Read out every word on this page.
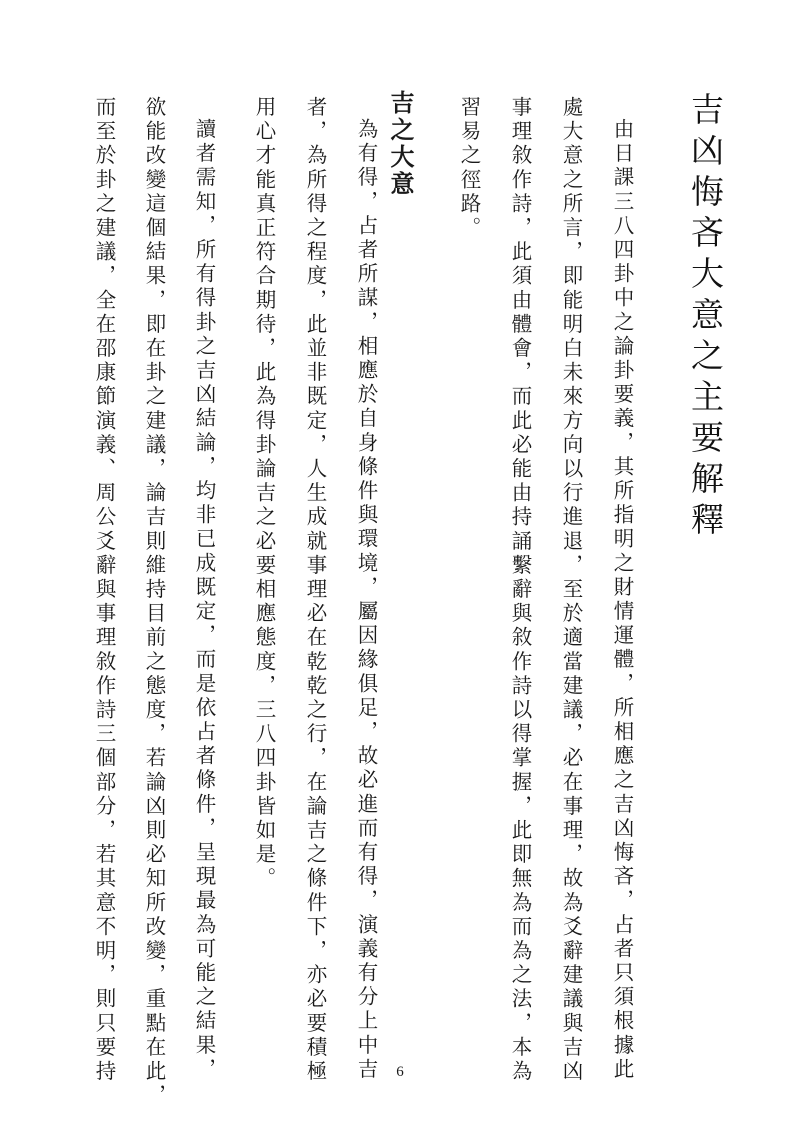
吉凶悔吝大意之主要解釋
由日課三八四卦中之論卦要義，其所指明之財情運體，所相應之吉凶悔吝，占者只須根據此
處大意之所言，即能明白未來方向以行進退，至於適當建議，必在事理，故為爻辭建議與吉凶
事理敘作詩，此須由體會，而此必能由持誦繫辭與敘作詩以得掌握，此即無為而為之法，本為
習易之徑路。
吉之大意
為有得，占者所謀，相應於自身條件與環境，屬因緣俱足，故必進而有得，演義有分上中吉
者，為所得之程度，此並非既定，人生成就事理必在乾乾之行，在論吉之條件下，亦必要積極
用心才能真正符合期待，此為得卦論吉之必要相應態度，三八四卦皆如是。
讀者需知，所有得卦之吉凶結論，均非已成既定，而是依占者條件，呈現最為可能之結果，
欲能改變這個結果，即在卦之建議，論吉則維持目前之態度，若論凶則必知所改變，重點在此，
而至於卦之建議，全在邵康節演義、周公爻辭與事理敘作詩三個部分，若其意不明，則只要持	6
